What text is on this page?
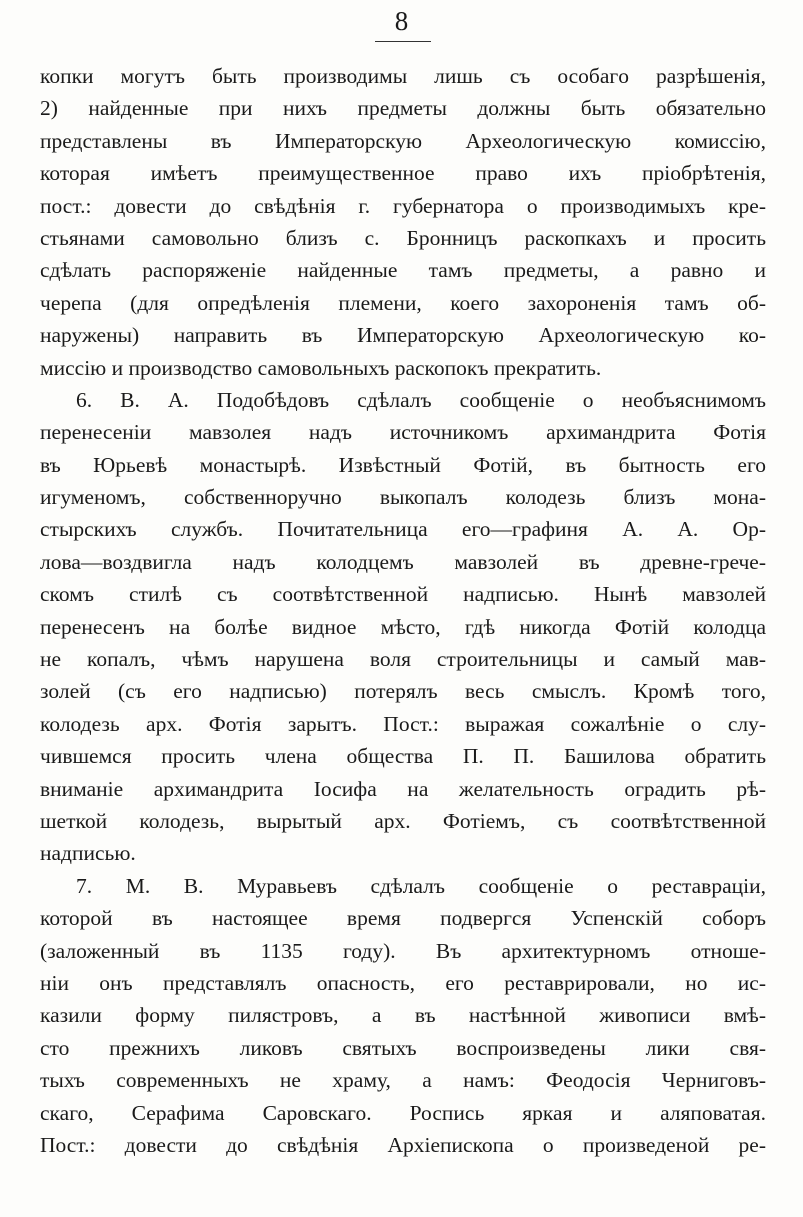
8
копки могутъ быть производимы лишь съ особагo разрѣшенія,
2) найденные при нихъ предметы должны быть обязательно
представлены въ Императорскую Археологическую комиссію,
которая имѣетъ преимущественное право ихъ пріобрѣтенія,
пост.: довести до свѣдѣнія г. губернатора о производимыхъ кре-
стьянами самовольно близъ с. Бронницъ раскопкахъ и просить
сдѣлать распоряженіе найденные тамъ предметы, а равно и
черепа (для опредѣленія племени, коего захороненія тамъ об-
наружены) направить въ Императорскую Археологическую ко-
миссію и производство самовольныхъ раскопокъ прекратить.
6. В. А. Подобѣдовъ сдѣлалъ сообщеніе о необъяснимомъ
перенесеніи мавзолея надъ источникомъ архимандрита Фотія
въ Юрьевѣ монастырѣ. Извѣстный Фотій, въ бытность его
игуменомъ, собственноручно выкопалъ колодезь близъ мона-
стырскихъ службъ. Почитательница его—графиня А. А. Ор-
лова—воздвигла надъ колодцемъ мавзолей въ древне-грече-
скомъ стилѣ съ соотвѣтственной надписью. Нынѣ мавзолей
перенесенъ на болѣе видное мѣсто, гдѣ никогда Фотій колодца
не копалъ, чѣмъ нарушена воля строительницы и самый мав-
золей (съ его надписью) потерялъ весь смыслъ. Кромѣ того,
колодезь арх. Фотія зарытъ. Пост.: выражая сожалѣніе о слу-
чившемся просить члена общества П. П. Башилова обратить
вниманіе архимандрита Іосифа на желательность оградить рѣ-
шеткой колодезь, вырытый арх. Фотіемъ, съ соотвѣтственной
надписью.
7. М. В. Муравьевъ сдѣлалъ сообщеніе о реставраціи,
которой въ настоящее время подвергся Успенскій соборъ
(заложенный въ 1135 году). Въ архитектурномъ отноше-
ніи онъ представлялъ опасность, его реставрировали, но ис-
казили форму пилястровъ, а въ настѣнной живописи вмѣ-
сто прежнихъ ликовъ святыхъ воспроизведены лики свя-
тыхъ современныхъ не храму, а намъ: Феодосія Черниговъ-
скаго, Серафима Саровскаго. Роспись яркая и аляповатая.
Пост.: довести до свѣдѣнія Архіепископа о произведеной ре-
